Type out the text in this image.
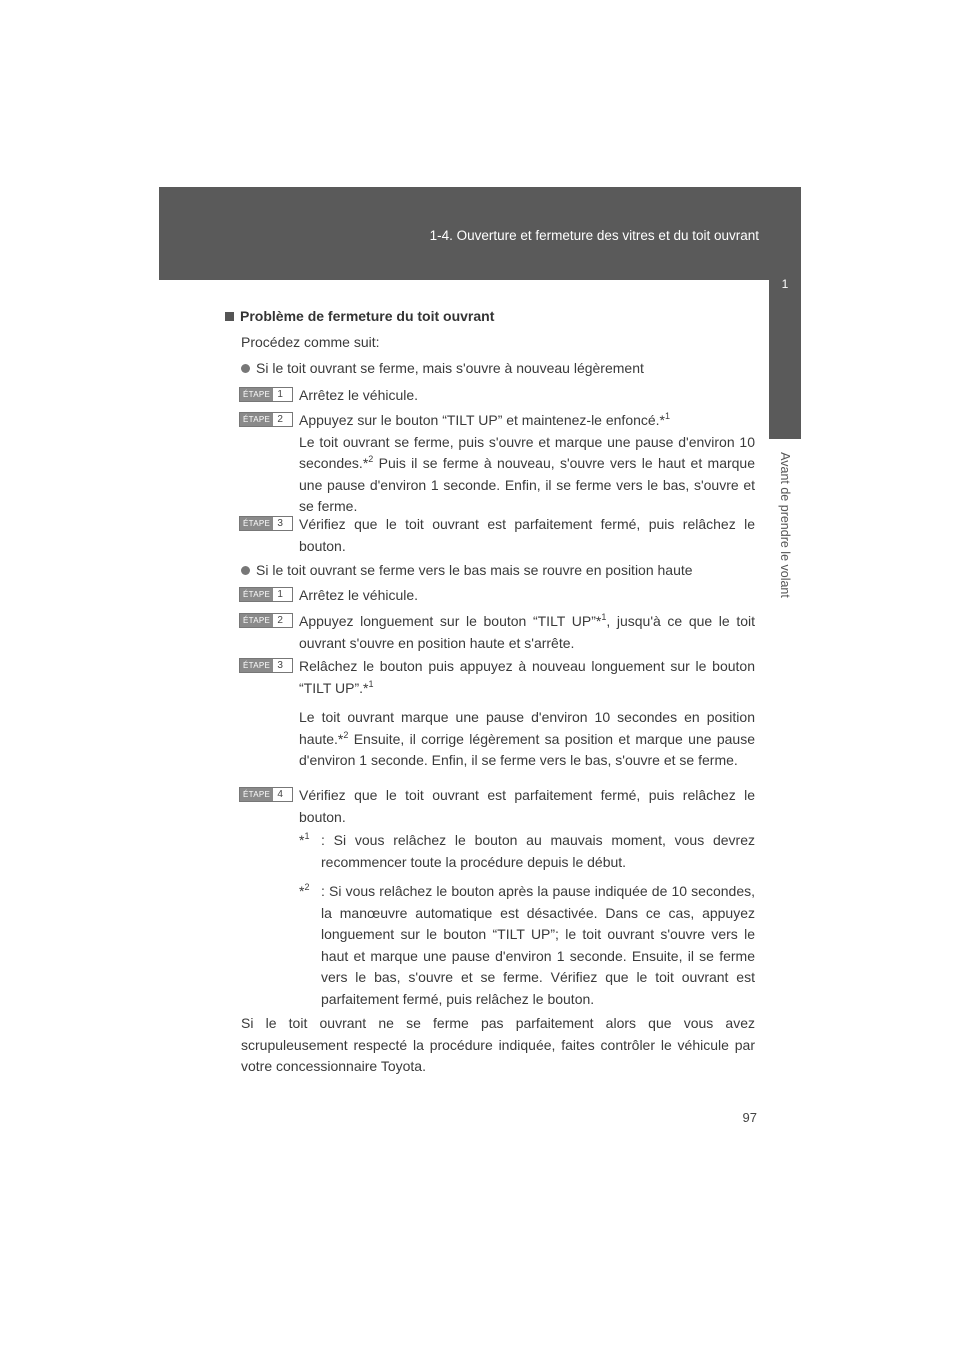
1-4. Ouverture et fermeture des vitres et du toit ouvrant
1
Avant de prendre le volant
Problème de fermeture du toit ouvrant
Procédez comme suit:
Si le toit ouvrant se ferme, mais s'ouvre à nouveau légèrement
ÉTAPE 1	Arrêtez le véhicule.

ÉTAPE 2	Appuyez sur le bouton “TILT UP” et maintenez-le enfoncé.*$^1$

Le toit ouvrant se ferme, puis s'ouvre et marque une pause d'environ 10 secondes.*$^2$ Puis il se ferme à nouveau, s'ouvre vers le haut et marque une pause d'environ 1 seconde. Enfin, il se ferme vers le bas, s'ouvre et se ferme.

ÉTAPE 3	Vérifiez que le toit ouvrant est parfaitement fermé, puis relâchez le bouton.

Si le toit ouvrant se ferme vers le bas mais se rouvre en position haute
ÉTAPE 1	Arrêtez le véhicule.

ÉTAPE 2	Appuyez longuement sur le bouton “TILT UP”*$^1$, jusqu'à ce que le toit ouvrant s'ouvre en position haute et s'arrête.

ÉTAPE 3	Relâchez le bouton puis appuyez à nouveau longuement sur le bouton “TILT UP”.*$^1$

Le toit ouvrant marque une pause d'environ 10 secondes en position haute.*$^2$ Ensuite, il corrige légèrement sa position et marque une pause d'environ 1 seconde. Enfin, il se ferme vers le bas, s'ouvre et se ferme.

ÉTAPE 4	Vérifiez que le toit ouvrant est parfaitement fermé, puis relâchez le bouton.

*$^1$ : Si vous relâchez le bouton au mauvais moment, vous devrez recommencer toute la procédure depuis le début.
*$^2$ : Si vous relâchez le bouton après la pause indiquée de 10 secondes, la manœuvre automatique est désactivée. Dans ce cas, appuyez longuement sur le bouton “TILT UP”; le toit ouvrant s'ouvre vers le haut et marque une pause d'environ 1 seconde. Ensuite, il se ferme vers le bas, s'ouvre et se ferme. Vérifiez que le toit ouvrant est parfaitement fermé, puis relâchez le bouton.
Si le toit ouvrant ne se ferme pas parfaitement alors que vous avez scrupuleusement respecté la procédure indiquée, faites contrôler le véhicule par votre concessionnaire Toyota.
97
